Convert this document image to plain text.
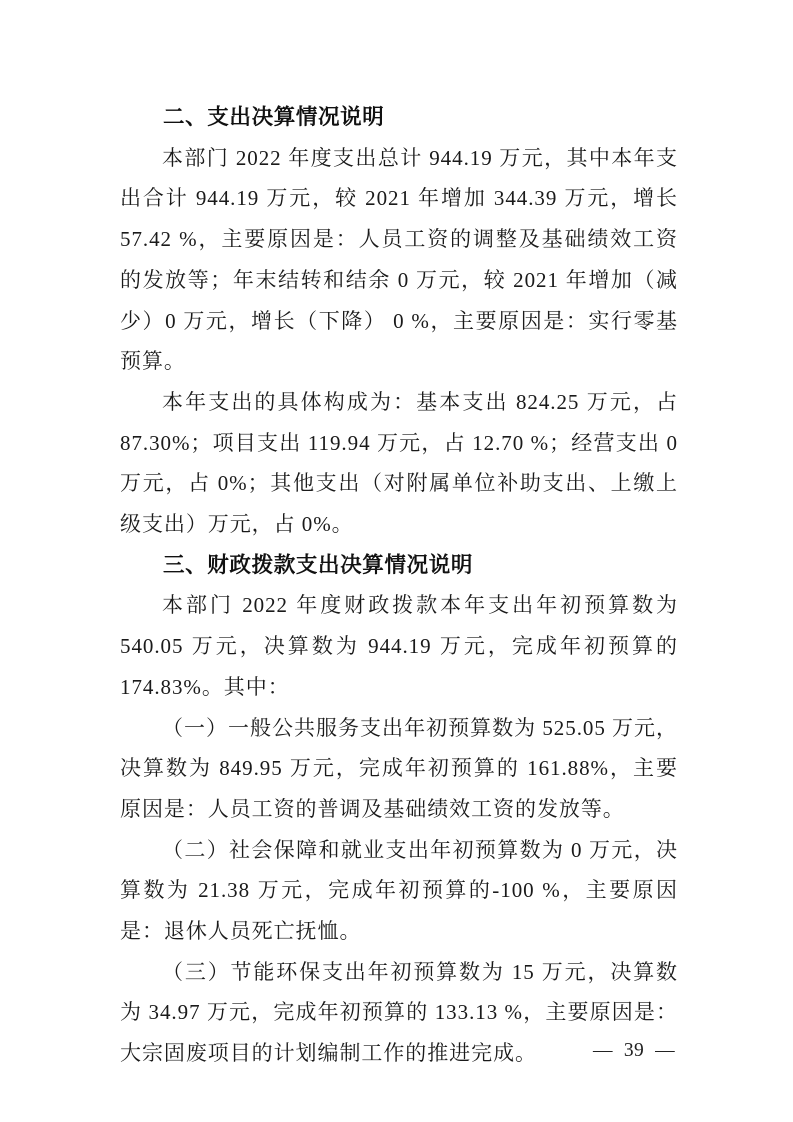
二、支出决算情况说明

本部门 2022 年度支出总计 944.19 万元，其中本年支出合计 944.19 万元，较 2021 年增加 344.39 万元，增长 57.42 %，主要原因是：人员工资的调整及基础绩效工资的发放等；年末结转和结余 0 万元，较 2021 年增加（减少）0 万元，增长（下降） 0 %，主要原因是：实行零基预算。

本年支出的具体构成为：基本支出 824.25 万元，占 87.30%；项目支出 119.94 万元，占 12.70 %；经营支出 0 万元，占 0%；其他支出（对附属单位补助支出、上缴上级支出）万元，占 0%。

三、财政拨款支出决算情况说明

本部门 2022 年度财政拨款本年支出年初预算数为 540.05 万元，决算数为 944.19 万元，完成年初预算的 174.83%。其中：

（一）一般公共服务支出年初预算数为 525.05 万元，决算数为 849.95 万元，完成年初预算的 161.88%，主要原因是：人员工资的普调及基础绩效工资的发放等。

（二）社会保障和就业支出年初预算数为 0 万元，决算数为 21.38 万元，完成年初预算的-100 %，主要原因是：退休人员死亡抚恤。

（三）节能环保支出年初预算数为 15 万元，决算数为 34.97 万元，完成年初预算的 133.13 %，主要原因是：大宗固废项目的计划编制工作的推进完成。	— 39 —
